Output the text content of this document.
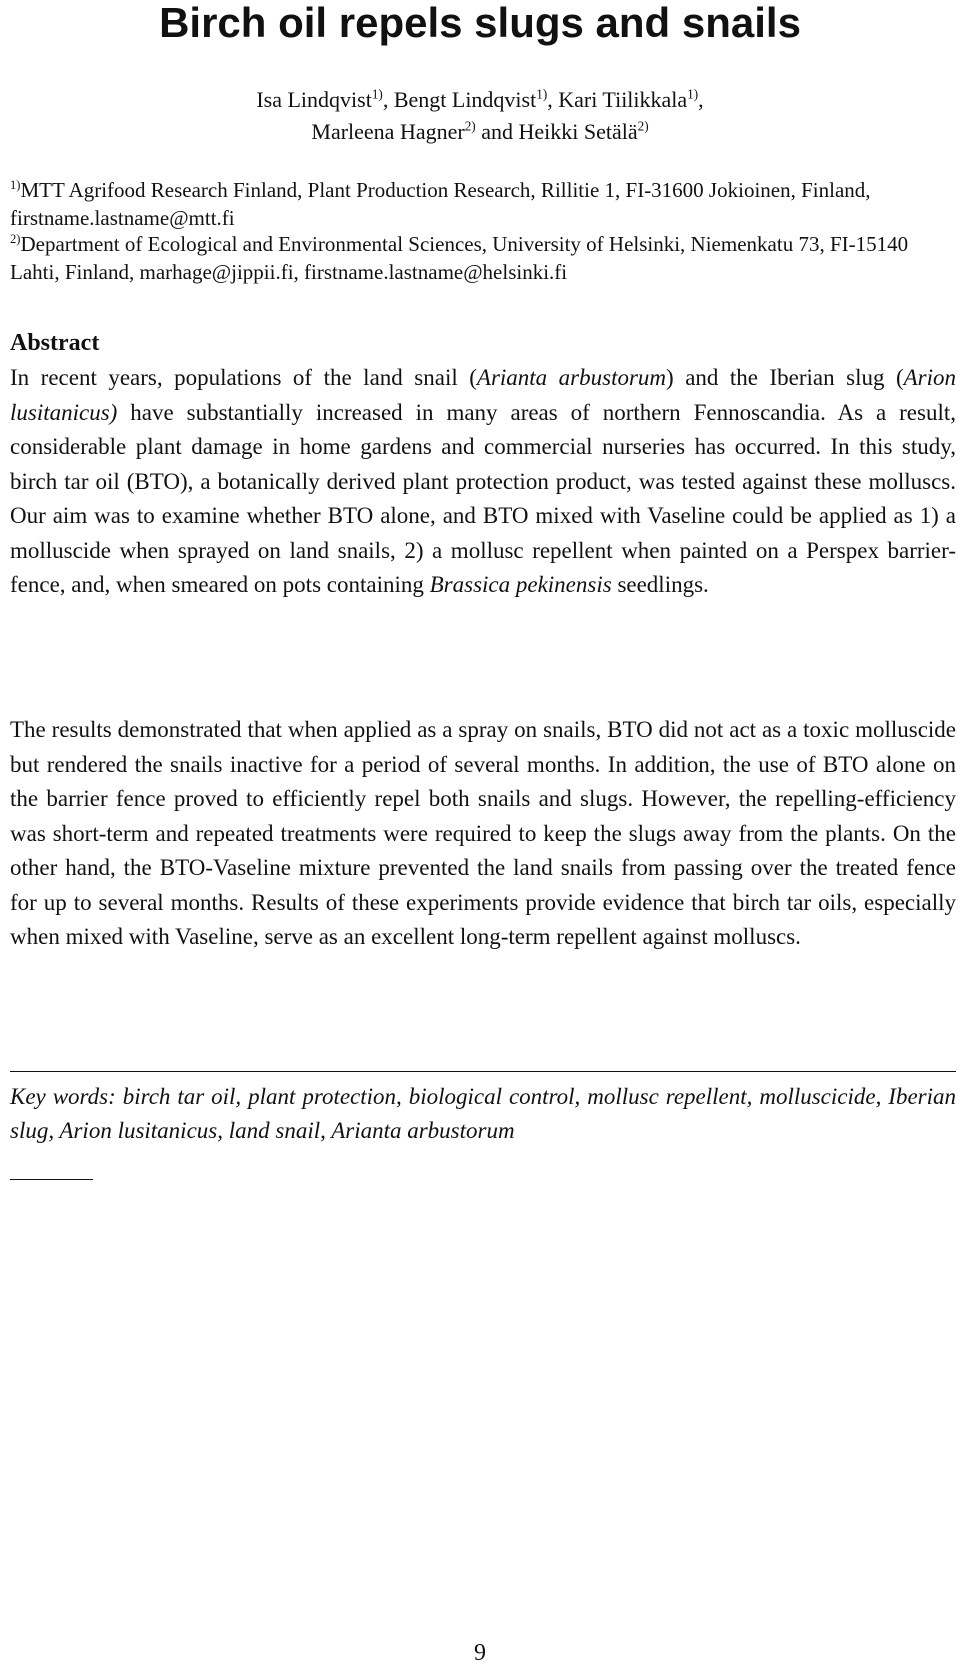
Birch oil repels slugs and snails
Isa Lindqvist$^{1)}$, Bengt Lindqvist$^{1)}$, Kari Tiilikkala$^{1)}$,
Marleena Hagner$^{2)}$ and Heikki Setälä$^{2)}$
$^{1)}$MTT Agrifood Research Finland, Plant Production Research, Rillitie 1, FI-31600 Jokioinen, Finland, firstname.lastname@mtt.fi
$^{2)}$Department of Ecological and Environmental Sciences, University of Helsinki, Niemenkatu 73, FI-15140 Lahti, Finland, marhage@jippii.fi, firstname.lastname@helsinki.fi
Abstract
In recent years, populations of the land snail (Arianta arbustorum) and the Iberian slug (Arion lusitanicus) have substantially increased in many areas of northern Fennoscandia. As a result, considerable plant damage in home gardens and commercial nurseries has occurred. In this study, birch tar oil (BTO), a botanically derived plant protection product, was tested against these molluscs. Our aim was to examine whether BTO alone, and BTO mixed with Vaseline could be applied as 1) a molluscide when sprayed on land snails, 2) a mollusc repellent when painted on a Perspex barrier-fence, and, when smeared on pots containing Brassica pekinensis seedlings.
The results demonstrated that when applied as a spray on snails, BTO did not act as a toxic molluscide but rendered the snails inactive for a period of several months. In addition, the use of BTO alone on the barrier fence proved to efficiently repel both snails and slugs. However, the repelling-efficiency was short-term and repeated treatments were required to keep the slugs away from the plants. On the other hand, the BTO-Vaseline mixture prevented the land snails from passing over the treated fence for up to several months. Results of these experiments provide evidence that birch tar oils, especially when mixed with Vaseline, serve as an excellent long-term repellent against molluscs.
Key words: birch tar oil, plant protection, biological control, mollusc repellent, molluscicide, Iberian slug, Arion lusitanicus, land snail, Arianta arbustorum
9
